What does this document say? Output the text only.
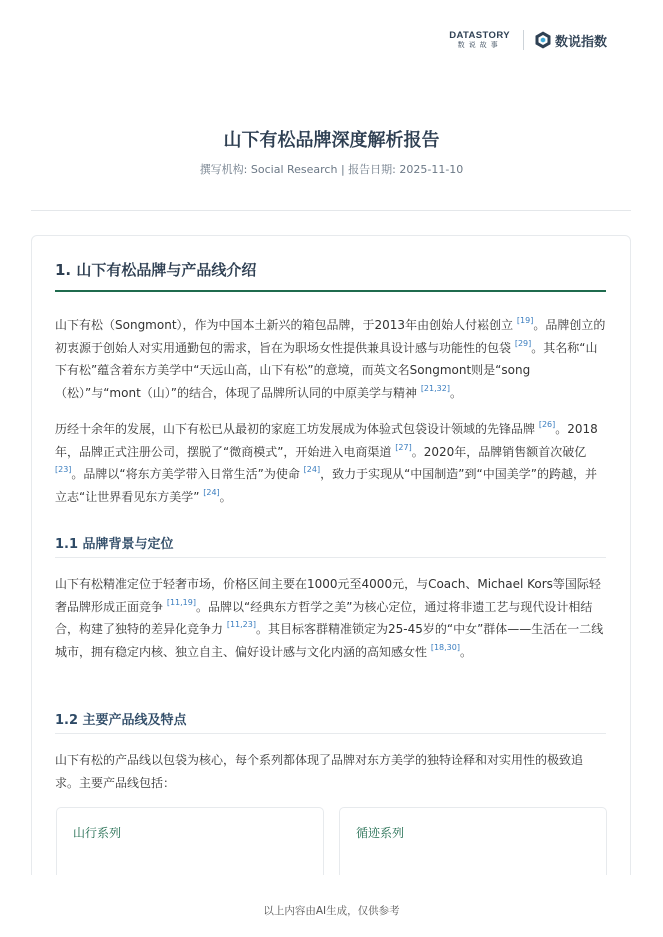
DATASTORY
数说故事	数说指数
山下有松品牌深度解析报告
撰写机构: Social Research | 报告日期: 2025-11-10
1. 山下有松品牌与产品线介绍

山下有松（Songmont），作为中国本土新兴的箱包品牌，于2013年由创始人付崧创立 [19]。品牌创立的初衷源于创始人对实用通勤包的需求，旨在为职场女性提供兼具设计感与功能性的包袋 [29]。其名称“山下有松”蕴含着东方美学中“天远山高，山下有松”的意境，而英文名Songmont则是“song（松）”与“mont（山）”的结合，体现了品牌所认同的中原美学与精神 [21,32]。

历经十余年的发展，山下有松已从最初的家庭工坊发展成为体验式包袋设计领域的先锋品牌 [26]。2018年，品牌正式注册公司，摆脱了“微商模式”，开始进入电商渠道 [27]。2020年，品牌销售额首次破亿 [23]。品牌以“将东方美学带入日常生活”为使命 [24]，致力于实现从“中国制造”到“中国美学”的跨越，并立志“让世界看见东方美学” [24]。

1.1 品牌背景与定位

山下有松精准定位于轻奢市场，价格区间主要在1000元至4000元，与Coach、Michael Kors等国际轻奢品牌形成正面竞争 [11,19]。品牌以“经典东方哲学之美”为核心定位，通过将非遗工艺与现代设计相结合，构建了独特的差异化竞争力 [11,23]。其目标客群精准锁定为25-45岁的“中女”群体——生活在一二线城市，拥有稳定内核、独立自主、偏好设计感与文化内涵的高知感女性 [18,30]。

1.2 主要产品线及特点

山下有松的产品线以包袋为核心，每个系列都体现了品牌对东方美学的独特诠释和对实用性的极致追求。主要产品线包括：

山行系列	循迹系列
以上内容由AI生成，仅供参考
